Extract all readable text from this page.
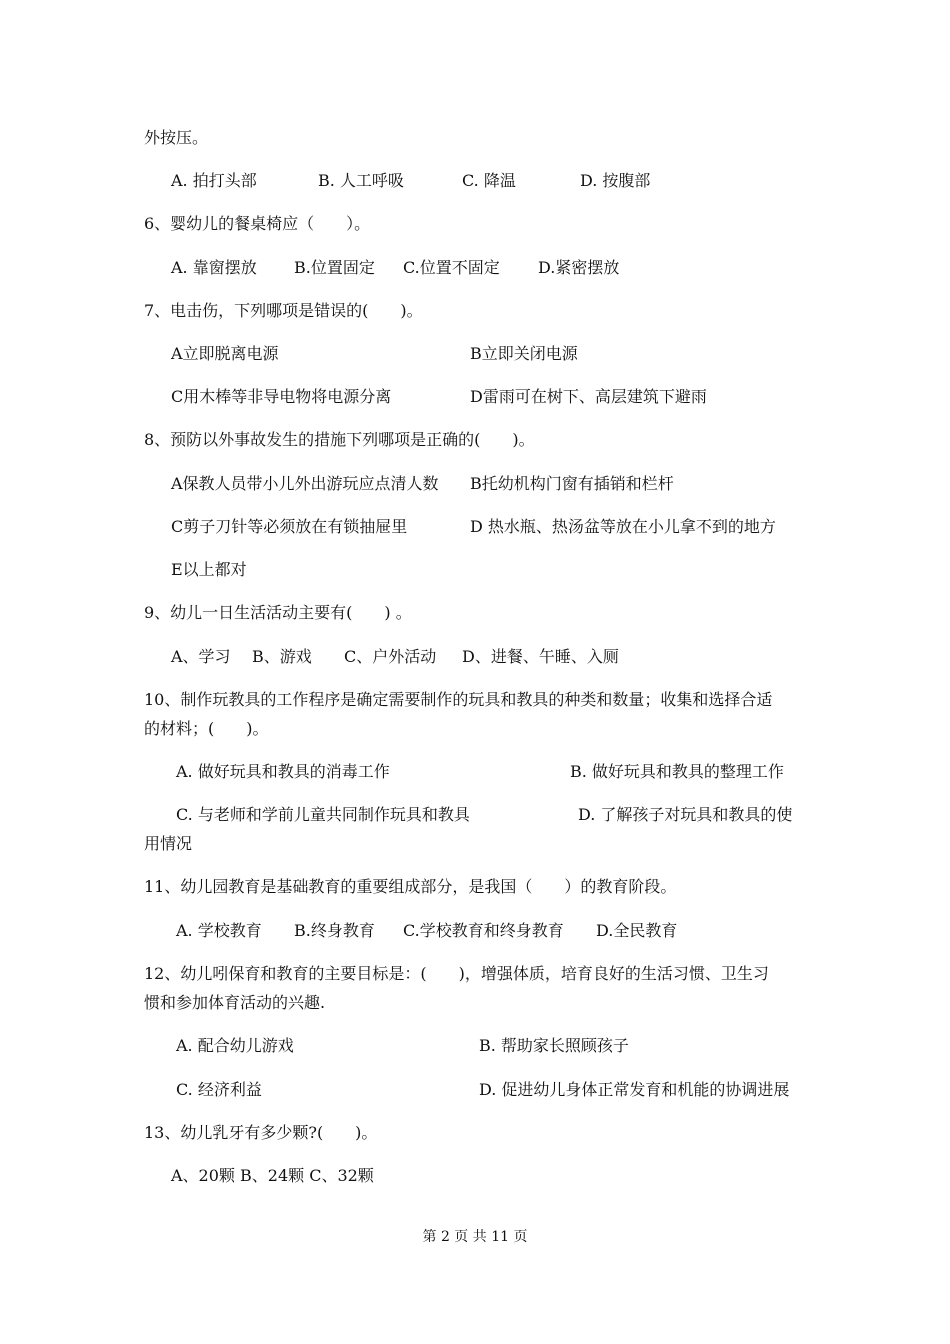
外按压。

A. 拍打头部	B. 人工呼吸	C. 降温	D. 按腹部

6、婴幼儿的餐桌椅应（　　）。

A. 靠窗摆放 B.位置固定 C.位置不固定 D.紧密摆放

7、电击伤，下列哪项是错误的(　　)。

A立即脱离电源	B立即关闭电源
C用木棒等非导电物将电源分离	D雷雨可在树下、高层建筑下避雨

8、预防以外事故发生的措施下列哪项是正确的(　　)。

A保教人员带小儿外出游玩应点清人数 B托幼机构门窗有插销和栏杆
C剪子刀针等必须放在有锁抽屉里	D 热水瓶、热汤盆等放在小儿拿不到的地方

E以上都对

9、幼儿一日生活活动主要有(　　) 。

A、学习 B、游戏 C、户外活动 D、进餐、午睡、入厕

10、制作玩教具的工作程序是确定需要制作的玩具和教具的种类和数量；收集和选择合适

的材料；(　　)。

A. 做好玩具和教具的消毒工作	B. 做好玩具和教具的整理工作
C. 与老师和学前儿童共同制作玩具和教具	D. 了解孩子对玩具和教具的使

用情况

11、幼儿园教育是基础教育的重要组成部分，是我国（　　）的教育阶段。

A. 学校教育 B.终身教育 C.学校教育和终身教育 D.全民教育

12、幼儿吲保育和教育的主要目标是：(　　)，增强体质，培育良好的生活习惯、卫生习

惯和参加体育活动的兴趣.

A. 配合幼儿游戏	B. 帮助家长照顾孩子
C. 经济利益	D. 促进幼儿身体正常发育和机能的协调进展

13、幼儿乳牙有多少颗?(　　)。

A、20颗 B、24颗 C、32颗

第 2 页 共 11 页
